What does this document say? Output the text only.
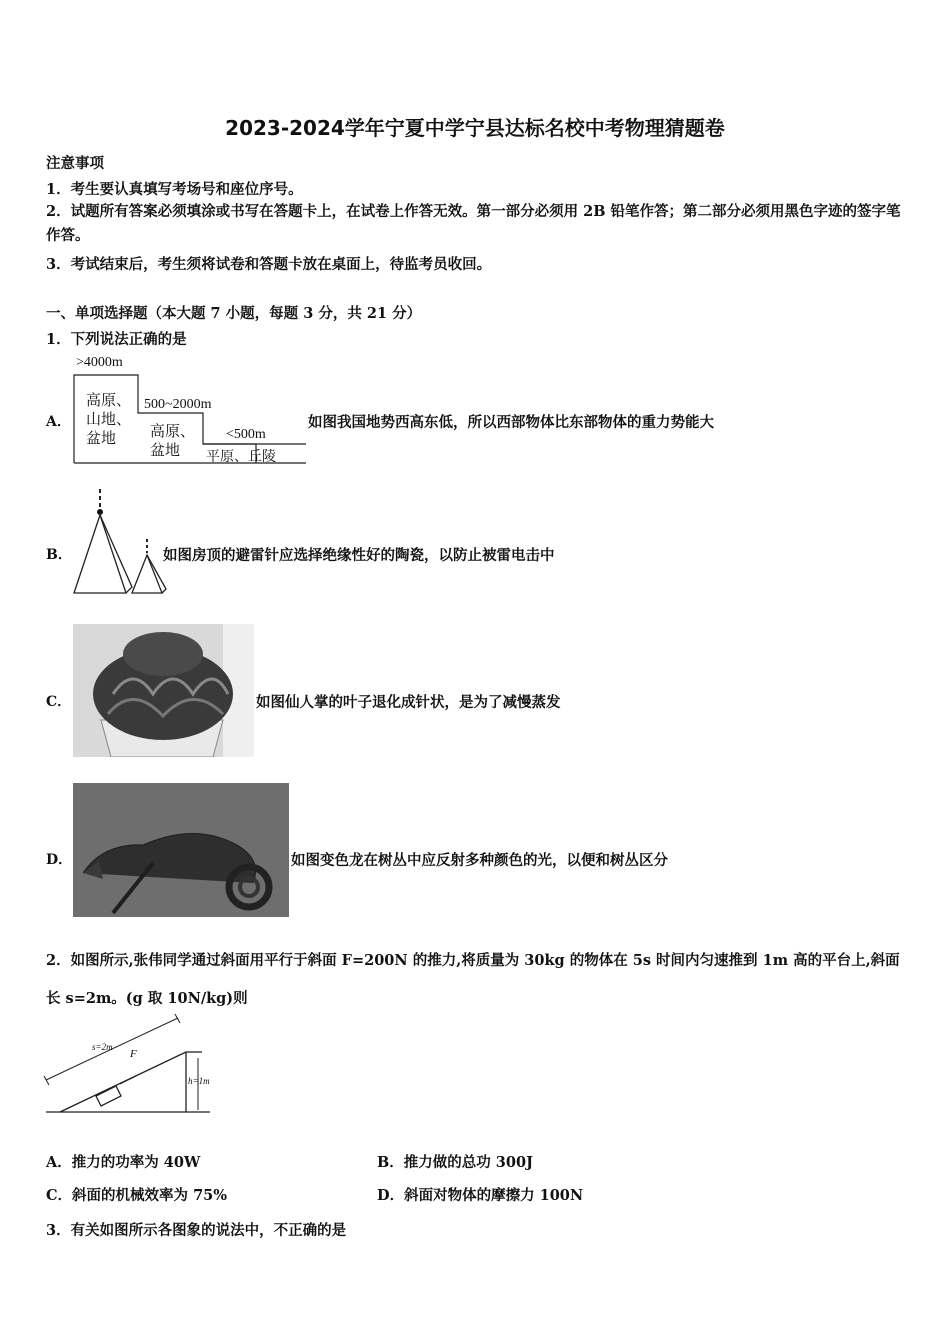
2023-2024学年宁夏中学宁县达标名校中考物理猜题卷
注意事项
1．考生要认真填写考场号和座位序号。
2．试题所有答案必须填涂或书写在答题卡上，在试卷上作答无效。第一部分必须用 2B 铅笔作答；第二部分必须用黑色字迹的签字笔作答。
3．考试结束后，考生须将试卷和答题卡放在桌面上，待监考员收回。
一、单项选择题（本大题 7 小题，每题 3 分，共 21 分）
1．下列说法正确的是
A．
>4000m
高原、
山地、
盆地
500~2000m
高原、
盆地
<500m
平原、丘陵
如图我国地势西高东低，所以西部物体比东部物体的重力势能大
B．	如图房顶的避雷针应选择绝缘性好的陶瓷，以防止被雷电击中
C．	如图仙人掌的叶子退化成针状，是为了减慢蒸发
D．	如图变色龙在树丛中应反射多种颜色的光，以便和树丛区分
2．如图所示,张伟同学通过斜面用平行于斜面 F=200N 的推力,将质量为 30kg 的物体在 5s 时间内匀速推到 1m 高的平台上,斜面长 s=2m。(g 取 10N/kg)则
s=2m
F
h=1m
A．推力的功率为 40W	B．推力做的总功 300J
C．斜面的机械效率为 75%	D．斜面对物体的摩擦力 100N
3．有关如图所示各图象的说法中，不正确的是
